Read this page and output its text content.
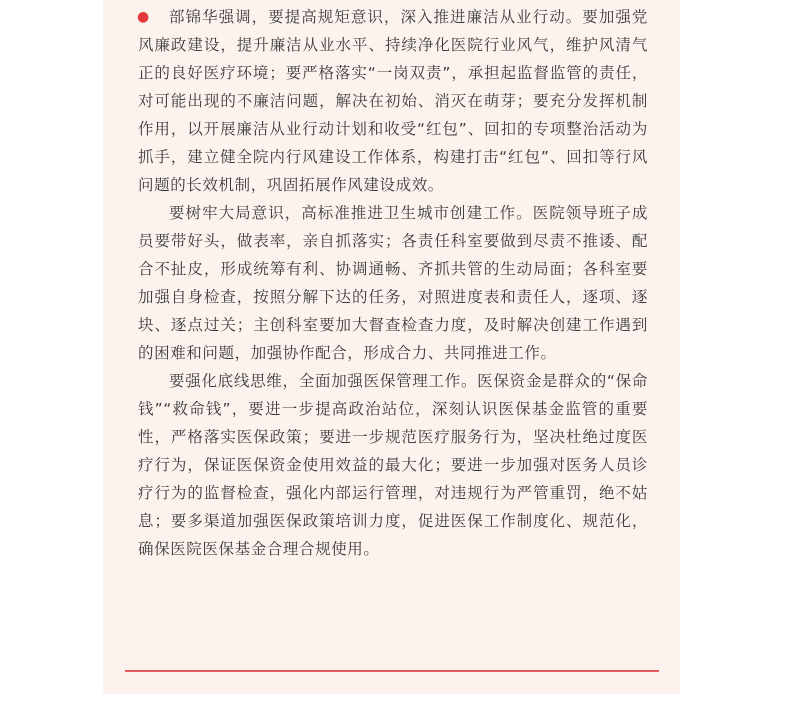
● 部锦华强调，要提高规矩意识，深入推进廉洁从业行动。要加强党风廉政建设，提升廉洁从业水平、持续净化医院行业风气，维护风清气正的良好医疗环境；要严格落实“一岗双责”，承担起监督监管的责任，对可能出现的不廉洁问题，解决在初始、消灭在萌芽；要充分发挥机制作用，以开展廉洁从业行动计划和收受“红包”、回扣的专项整治活动为抓手，建立健全院内行风建设工作体系，构建打击“红包”、回扣等行风问题的长效机制，巩固拓展作风建设成效。

要树牢大局意识，高标准推进卫生城市创建工作。医院领导班子成员要带好头，做表率，亲自抓落实；各责任科室要做到尽责不推诿、配合不扯皮，形成统筹有利、协调通畅、齐抓共管的生动局面；各科室要加强自身检查，按照分解下达的任务，对照进度表和责任人，逐项、逐块、逐点过关；主创科室要加大督查检查力度，及时解决创建工作遇到的困难和问题，加强协作配合，形成合力、共同推进工作。

要强化底线思维，全面加强医保管理工作。医保资金是群众的“保命钱”“救命钱”，要进一步提高政治站位，深刻认识医保基金监管的重要性，严格落实医保政策；要进一步规范医疗服务行为，坚决杜绝过度医疗行为，保证医保资金使用效益的最大化；要进一步加强对医务人员诊疗行为的监督检查，强化内部运行管理，对违规行为严管重罚，绝不姑息；要多渠道加强医保政策培训力度，促进医保工作制度化、规范化，确保医院医保基金合理合规使用。
